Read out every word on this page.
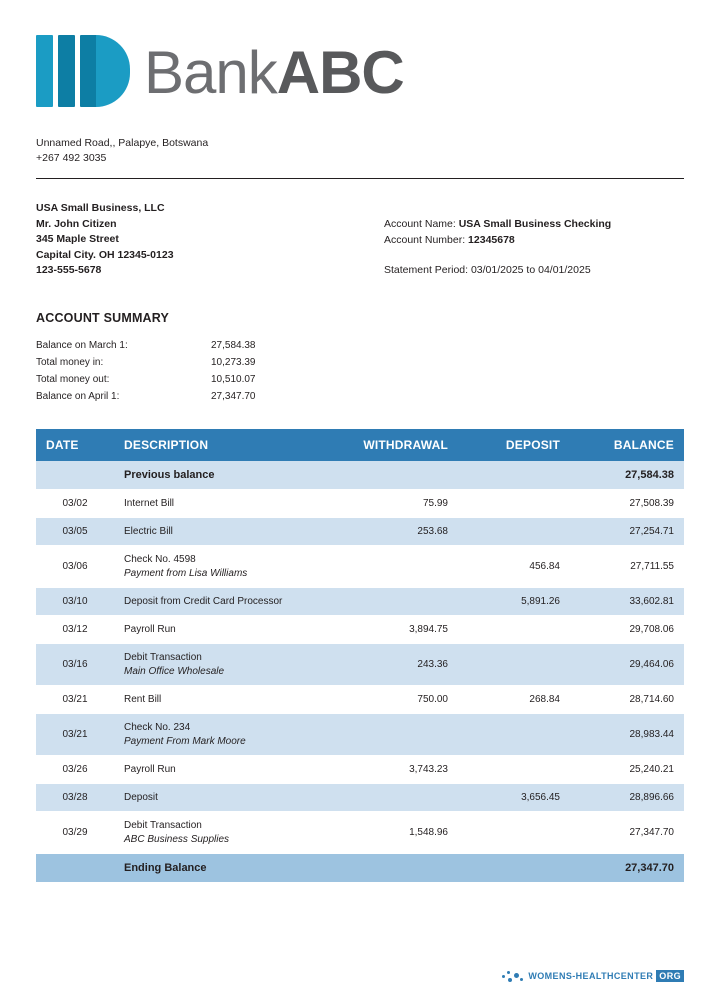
BankABC
Unnamed Road,, Palapye, Botswana
+267 492 3035
USA Small Business, LLC
Mr. John Citizen
345 Maple Street
Capital City. OH 12345-0123
123-555-5678
Account Name: USA Small Business Checking
Account Number: 12345678
Statement Period: 03/01/2025 to 04/01/2025
ACCOUNT SUMMARY
Balance on March 1:	27,584.38
Total money in:	10,273.39
Total money out:	10,510.07
Balance on April 1:	27,347.70
DATE	DESCRIPTION	WITHDRAWAL	DEPOSIT	BALANCE
	Previous balance			27,584.38
03/02	Internet Bill	75.99		27,508.39
03/05	Electric Bill	253.68		27,254.71
03/06	Check No. 4598
Payment from Lisa Williams		456.84	27,711.55
03/10	Deposit from Credit Card Processor		5,891.26	33,602.81
03/12	Payroll Run	3,894.75		29,708.06
03/16	Debit Transaction
Main Office Wholesale	243.36		29,464.06
03/21	Rent Bill	750.00	268.84	28,714.60
03/21	Check No. 234
Payment From Mark Moore			28,983.44
03/26	Payroll Run	3,743.23		25,240.21
03/28	Deposit		3,656.45	28,896.66
03/29	Debit Transaction
ABC Business Supplies	1,548.96		27,347.70
	Ending Balance			27,347.70
WOMENS-HEALTHCENTER ORG
